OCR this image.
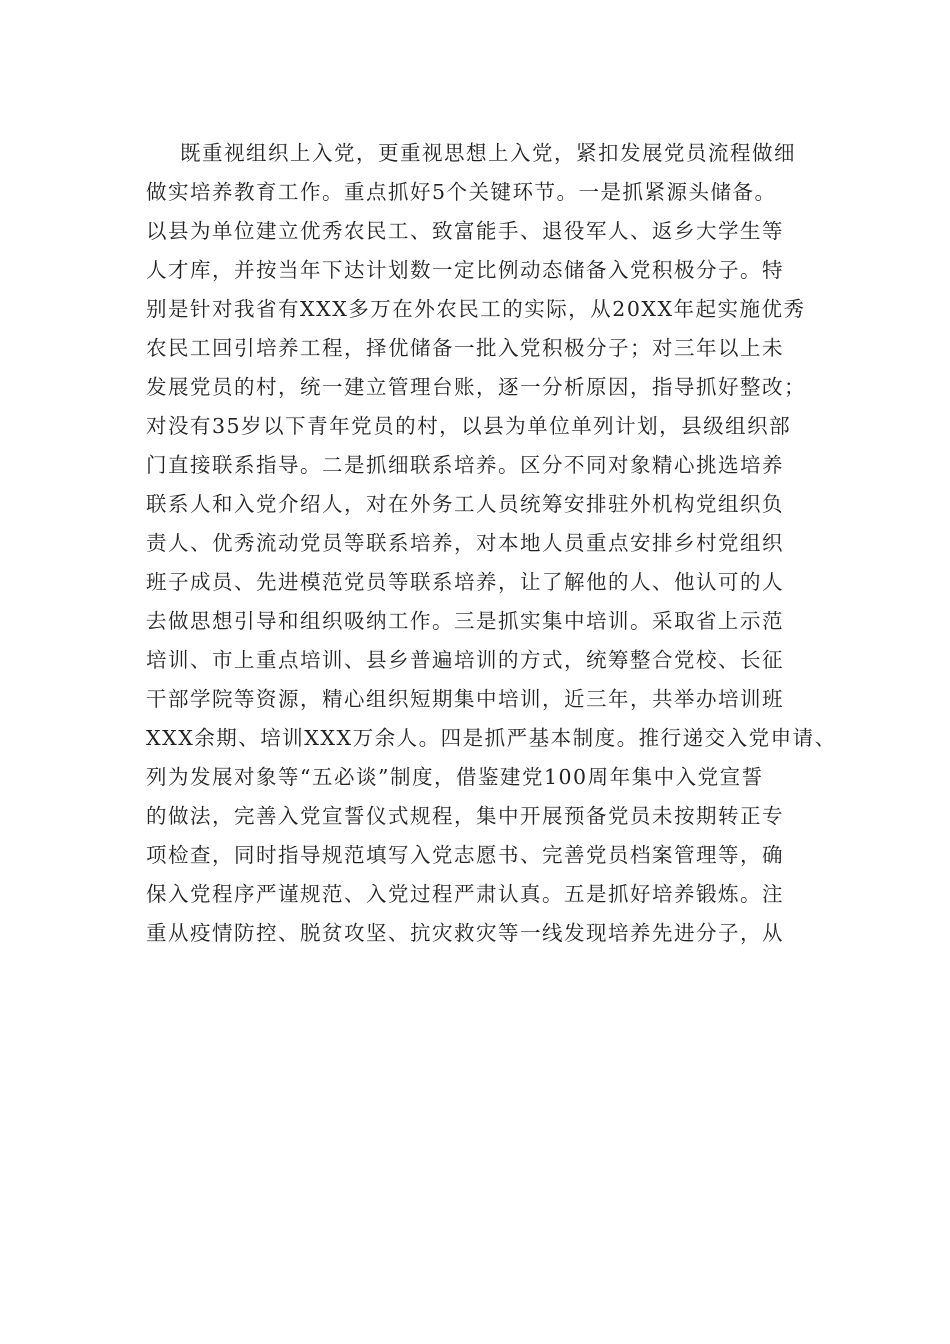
既重视组织上入党，更重视思想上入党，紧扣发展党员流程做细
做实培养教育工作。重点抓好5个关键环节。一是抓紧源头储备。
以县为单位建立优秀农民工、致富能手、退役军人、返乡大学生等
人才库，并按当年下达计划数一定比例动态储备入党积极分子。特
别是针对我省有XXX多万在外农民工的实际，从20XX年起实施优秀
农民工回引培养工程，择优储备一批入党积极分子；对三年以上未
发展党员的村，统一建立管理台账，逐一分析原因，指导抓好整改；
对没有35岁以下青年党员的村，以县为单位单列计划，县级组织部
门直接联系指导。二是抓细联系培养。区分不同对象精心挑选培养
联系人和入党介绍人，对在外务工人员统筹安排驻外机构党组织负
责人、优秀流动党员等联系培养，对本地人员重点安排乡村党组织
班子成员、先进模范党员等联系培养，让了解他的人、他认可的人
去做思想引导和组织吸纳工作。三是抓实集中培训。采取省上示范
培训、市上重点培训、县乡普遍培训的方式，统筹整合党校、长征
干部学院等资源，精心组织短期集中培训，近三年，共举办培训班
XXX余期、培训XXX万余人。四是抓严基本制度。推行递交入党申请、
列为发展对象等“五必谈”制度，借鉴建党100周年集中入党宣誓
的做法，完善入党宣誓仪式规程，集中开展预备党员未按期转正专
项检查，同时指导规范填写入党志愿书、完善党员档案管理等，确
保入党程序严谨规范、入党过程严肃认真。五是抓好培养锻炼。注
重从疫情防控、脱贫攻坚、抗灾救灾等一线发现培养先进分子，从
